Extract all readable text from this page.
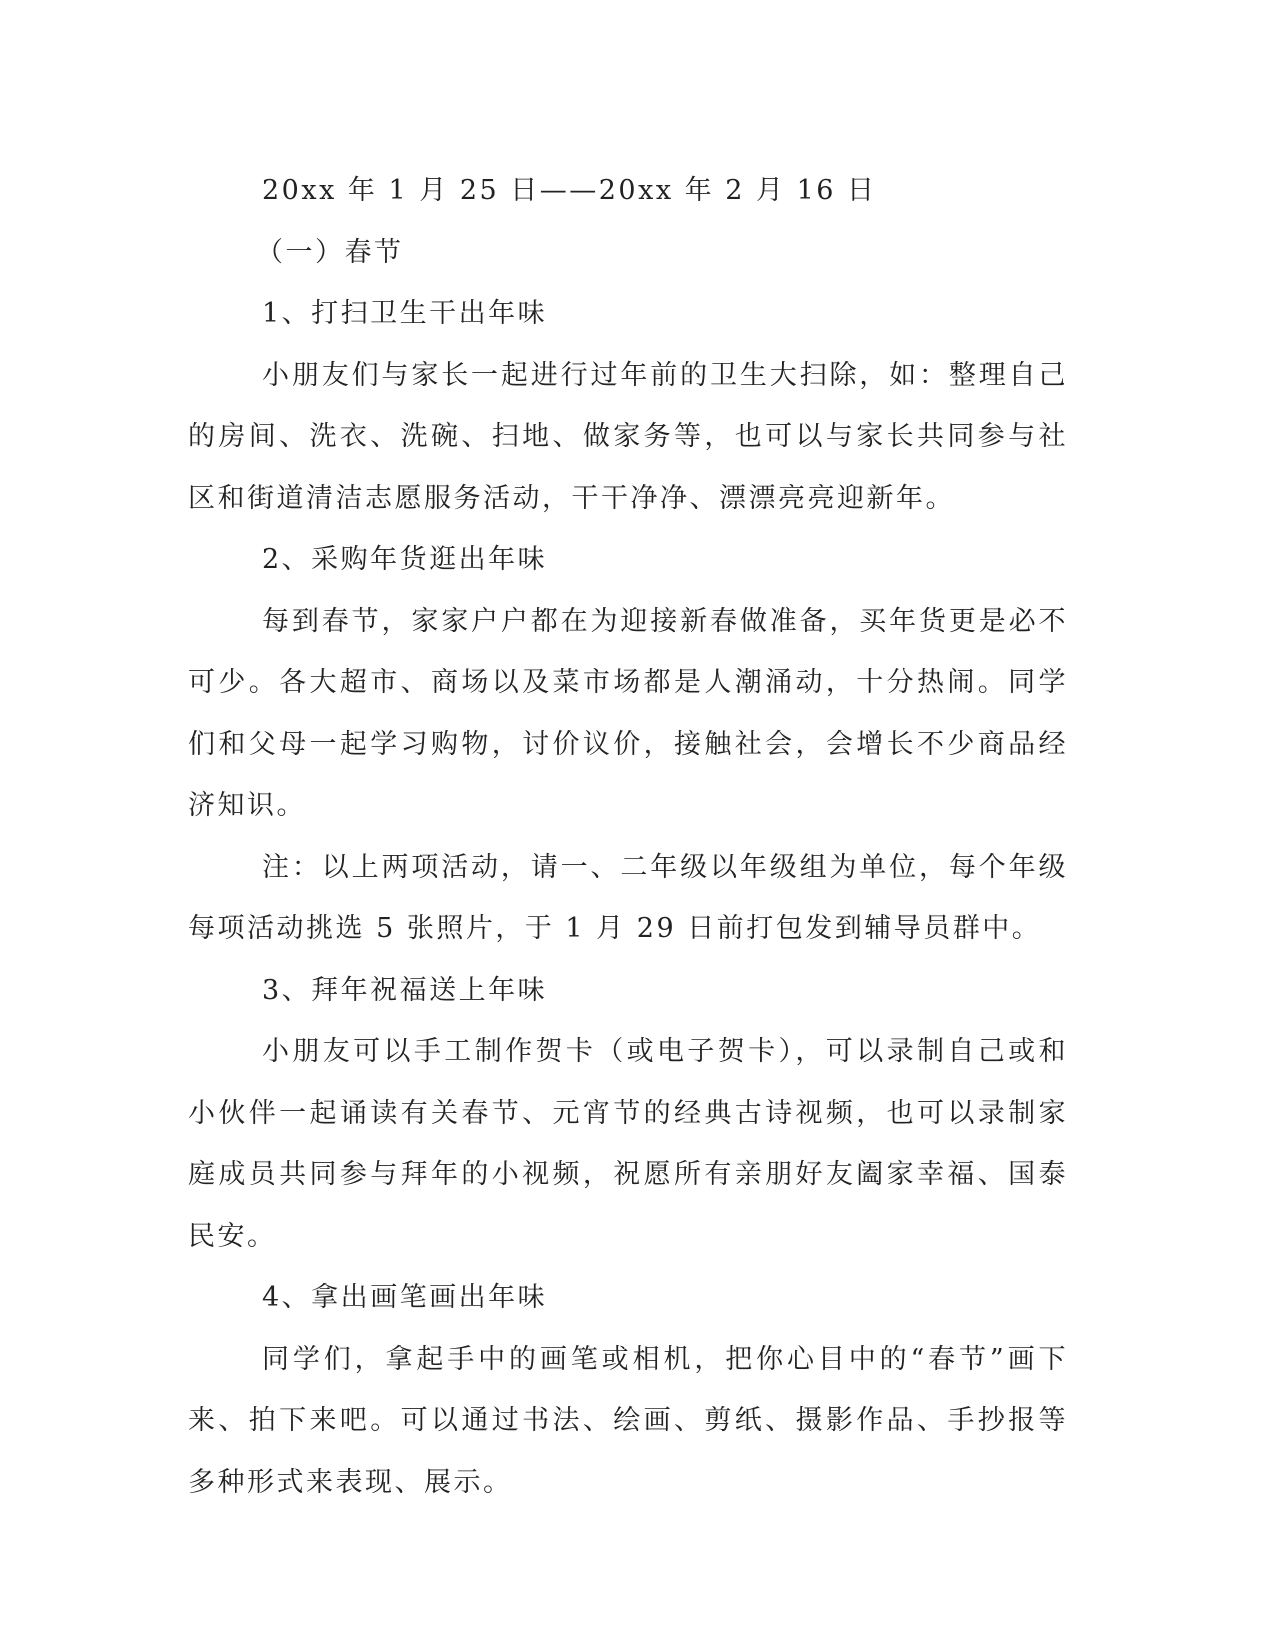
20xx 年 1 月 25 日——20xx 年 2 月 16 日

（一）春节

1、打扫卫生干出年味

小朋友们与家长一起进行过年前的卫生大扫除，如：整理自己的房间、洗衣、洗碗、扫地、做家务等，也可以与家长共同参与社区和街道清洁志愿服务活动，干干净净、漂漂亮亮迎新年。

2、采购年货逛出年味

每到春节，家家户户都在为迎接新春做准备，买年货更是必不可少。各大超市、商场以及菜市场都是人潮涌动，十分热闹。同学们和父母一起学习购物，讨价议价，接触社会，会增长不少商品经济知识。

注：以上两项活动，请一、二年级以年级组为单位，每个年级每项活动挑选 5 张照片，于 1 月 29 日前打包发到辅导员群中。

3、拜年祝福送上年味

小朋友可以手工制作贺卡（或电子贺卡），可以录制自己或和小伙伴一起诵读有关春节、元宵节的经典古诗视频，也可以录制家庭成员共同参与拜年的小视频，祝愿所有亲朋好友阖家幸福、国泰民安。

4、拿出画笔画出年味

同学们，拿起手中的画笔或相机，把你心目中的“春节”画下来、拍下来吧。可以通过书法、绘画、剪纸、摄影作品、手抄报等多种形式来表现、展示。
